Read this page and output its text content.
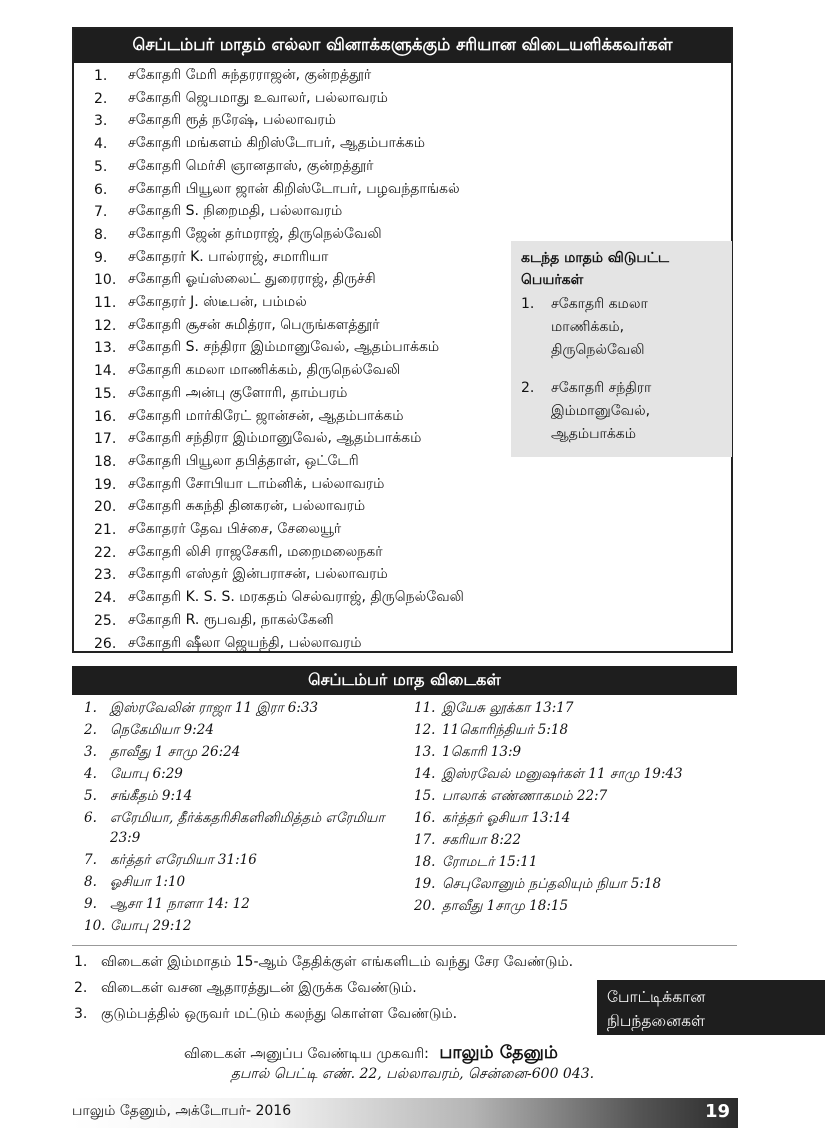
செப்டம்பர் மாதம் எல்லா வினாக்களுக்கும் சரியான விடையளிக்கவர்கள்
1.	சகோதரி மேரி சுந்தரராஜன், குன்றத்தூர்
2.	சகோதரி ஜெபமாது உவாலர், பல்லாவரம்
3.	சகோதரி ரூத் நரேஷ், பல்லாவரம்
4.	சகோதரி மங்களம் கிறிஸ்டோபர், ஆதம்பாக்கம்
5.	சகோதரி மெர்சி ஞானதாஸ், குன்றத்தூர்
6.	சகோதரி பியூலா ஜான் கிறிஸ்டோபர், பழவந்தாங்கல்
7.	சகோதரி S. நிறைமதி, பல்லாவரம்
8.	சகோதரி ஜேன் தர்மராஜ், திருநெல்வேலி
9.	சகோதரர் K. பால்ராஜ், சமாரியா
10. சகோதரி ஓய்ஸ்லைட் துரைராஜ், திருச்சி
11. சகோதரர் J. ஸ்டீபன், பம்மல்
12. சகோதரி சூசன் சுமித்ரா, பெருங்களத்தூர்
13. சகோதரி S. சந்திரா இம்மானுவேல், ஆதம்பாக்கம்
14. சகோதரி கமலா மாணிக்கம், திருநெல்வேலி
15. சகோதரி அன்பு குளோரி, தாம்பரம்
16. சகோதரி மார்கிரேட் ஜான்சன், ஆதம்பாக்கம்
17. சகோதரி சந்திரா இம்மானுவேல், ஆதம்பாக்கம்
18. சகோதரி பியூலா தபித்தாள், ஒட்டேரி
19. சகோதரி சோபியா டாம்னிக், பல்லாவரம்
20. சகோதரி சுகந்தி தினகரன், பல்லாவரம்
21. சகோதரர் தேவ பிச்சை, சேலையூர்
22. சகோதரி லிசி ராஜசேகரி, மறைமலைநகர்
23. சகோதரி எஸ்தர் இன்பராசன், பல்லாவரம்
24. சகோதரி K. S. S. மரகதம் செல்வராஜ், திருநெல்வேலி
25. சகோதரி R. ரூபவதி, நாகல்கேனி
26. சகோதரி ஷீலா ஜெயந்தி, பல்லாவரம்
கடந்த மாதம் விடுபட்ட பெயர்கள்
1.	சகோதரி கமலா மாணிக்கம், திருநெல்வேலி
2.	சகோதரி சந்திரா இம்மானுவேல், ஆதம்பாக்கம்
செப்டம்பர் மாத விடைகள்
1. இஸ்ரவேலின் ராஜா 11 இரா 6:33
2. நெகேமியா 9:24
3. தாவீது 1 சாமு 26:24
4. யோபு 6:29
5. சங்கீதம் 9:14
6. எரேமியா, தீர்க்கதரிசிகளினிமித்தம் எரேமியா 23:9
7. கர்த்தர் எரேமியா 31:16
8. ஓசியா 1:10
9. ஆசா 11 நாளா 14: 12
10. யோபு 29:12
11. இயேசு லூக்கா 13:17
12. 11கொரிந்தியர் 5:18
13. 1கொரி 13:9
14. இஸ்ரவேல் மனுஷர்கள் 11 சாமு 19:43
15. பாலாக் எண்ணாகமம் 22:7
16. கர்த்தர் ஓசியா 13:14
17. சகரியா 8:22
18. ரோமடர் 15:11
19. செபுலோனும் நப்தலியும் நியா 5:18
20. தாவீது 1சாமு 18:15
1. விடைகள் இம்மாதம் 15-ஆம் தேதிக்குள் எங்களிடம் வந்து சேர வேண்டும்.
2. விடைகள் வசன ஆதாரத்துடன் இருக்க வேண்டும்.
3. குடும்பத்தில் ஒருவர் மட்டும் கலந்து கொள்ள வேண்டும்.
போட்டிக்கான
நிபந்தனைகள்
விடைகள் அனுப்ப வேண்டிய முகவரி: பாலும் தேனும்
தபால் பெட்டி எண். 22, பல்லாவரம், சென்னை-600 043.
பாலும் தேனும், அக்டோபர்- 2016	19
